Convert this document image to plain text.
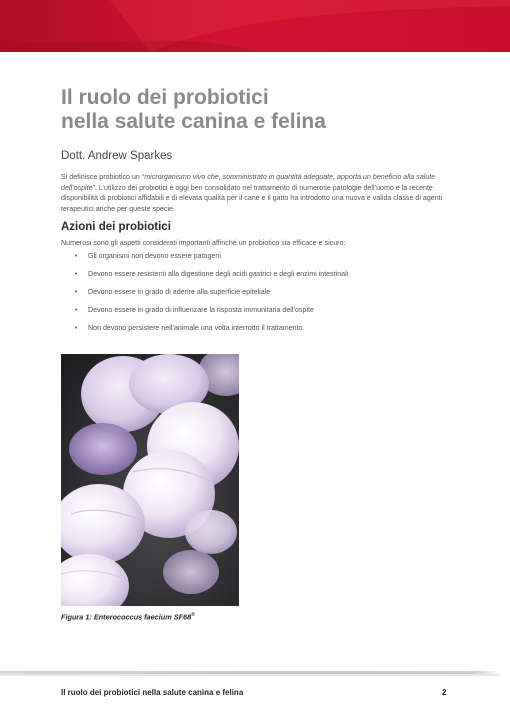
Il ruolo dei probiotici
nella salute canina e felina
Dott. Andrew Sparkes

Si definisce probiotico un “microrganismo vivo che, somministrato in quantità adeguate, apporta un beneficio alla salute dell’ospite”. L’utilizzo dei probiotici è oggi ben consolidato nel trattamento di numerose patologie dell’uomo e la recente disponibilità di probiotici affidabili e di elevata qualità per il cane e il gatto ha introdotto una nuova e valida classe di agenti terapeutici anche per queste specie.

Azioni dei probiotici

Numerosi sono gli aspetti considerati importanti affinché un probiotico sia efficace e sicuro:

• Gli organismi non devono essere patogeni
• Devono essere resistenti alla digestione degli acidi gastrici e degli enzimi intestinali
• Devono essere in grado di aderire alla superficie epiteliale
• Devono essere in grado di influenzare la risposta immunitaria dell’ospite
• Non devono persistere nell’animale una volta interrotto il trattamento.
Figura 1: Enterococcus faecium SF68®
Il ruolo dei probiotici nella salute canina e felina	2
